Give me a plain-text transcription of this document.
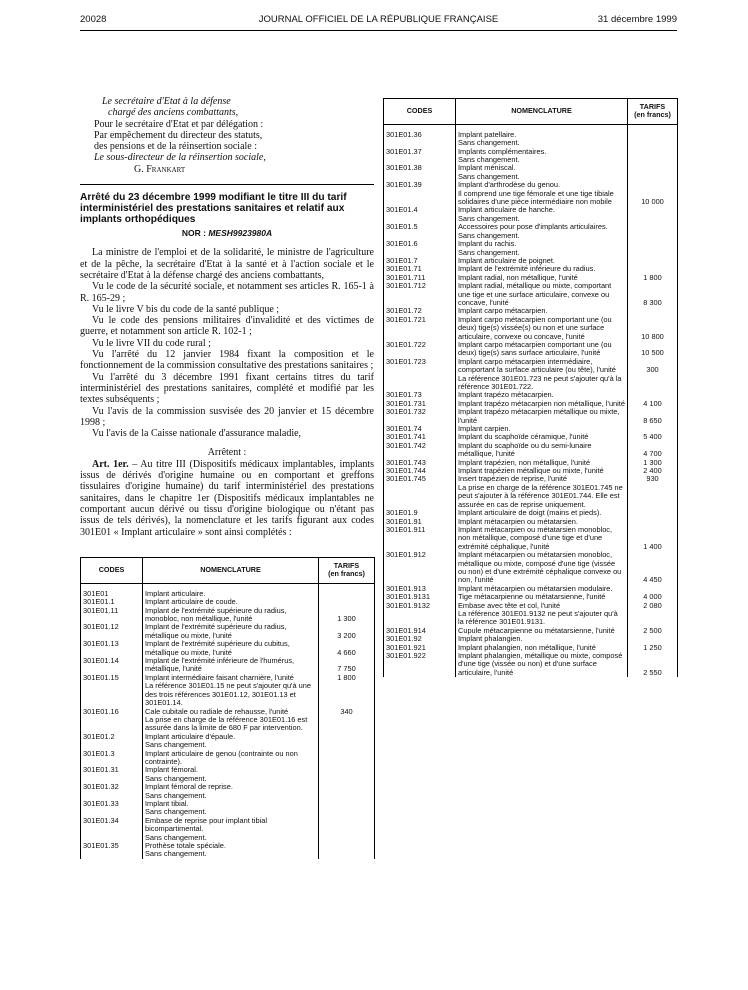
20028	JOURNAL OFFICIEL DE LA RÉPUBLIQUE FRANÇAISE	31 décembre 1999
Le secrétaire d'Etat à la défense
chargé des anciens combattants,
Pour le secrétaire d'Etat et par délégation :
Par empêchement du directeur des statuts,
des pensions et de la réinsertion sociale :
Le sous-directeur de la réinsertion sociale,
G. Frankart
Arrêté du 23 décembre 1999 modifiant le titre III du tarif interministériel des prestations sanitaires et relatif aux implants orthopédiques
NOR : MESH9923980A

La ministre de l'emploi et de la solidarité, le ministre de l'agriculture et de la pêche, la secrétaire d'Etat à la santé et à l'action sociale et le secrétaire d'Etat à la défense chargé des anciens combattants,

Vu le code de la sécurité sociale, et notamment ses articles R. 165-1 à R. 165-29 ;

Vu le livre V bis du code de la santé publique ;

Vu le code des pensions militaires d'invalidité et des victimes de guerre, et notamment son article R. 102-1 ;

Vu le livre VII du code rural ;

Vu l'arrêté du 12 janvier 1984 fixant la composition et le fonctionnement de la commission consultative des prestations sanitaires ;

Vu l'arrêté du 3 décembre 1991 fixant certains titres du tarif interministériel des prestations sanitaires, complété et modifié par les textes subséquents ;

Vu l'avis de la commission susvisée des 20 janvier et 15 décembre 1998 ;

Vu l'avis de la Caisse nationale d'assurance maladie,

Arrêtent :

Art. 1er. – Au titre III (Dispositifs médicaux implantables, implants issus de dérivés d'origine humaine ou en comportant et greffons tissulaires d'origine humaine) du tarif interministériel des prestations sanitaires, dans le chapitre 1er (Dispositifs médicaux implantables ne comportant aucun dérivé ou tissu d'origine biologique ou n'étant pas issus de tels dérivés), la nomenclature et les tarifs figurant aux codes 301E01 « Implant articulaire » sont ainsi complétés :

CODES	NOMENCLATURE	TARIFS
(en francs)

301E01	Implant articulaire.	
301E01.1	Implant articulaire de coude.	
301E01.11	Implant de l'extrémité supérieure du radius, monobloc, non métallique, l'unité	1 300
301E01.12	Implant de l'extrémité supérieure du radius, métallique ou mixte, l'unité	3 200
301E01.13	Implant de l'extrémité supérieure du cubitus, métallique ou mixte, l'unité	4 660
301E01.14	Implant de l'extrémité inférieure de l'humérus, métallique, l'unité	7 750
301E01.15	Implant intermédiaire faisant charnière, l'unité	1 800
	La référence 301E01.15 ne peut s'ajouter qu'à une des trois références 301E01.12, 301E01.13 et 301E01.14.	
301E01.16	Cale cubitale ou radiale de rehausse, l'unité	340
	La prise en charge de la référence 301E01.16 est assurée dans la limite de 680 F par intervention.	
301E01.2	Implant articulaire d'épaule.	
	Sans changement.	
301E01.3	Implant articulaire de genou (contrainte ou non contrainte).	
301E01.31	Implant fémoral.	
	Sans changement.	
301E01.32	Implant fémoral de reprise.	
	Sans changement.	
301E01.33	Implant tibial.	
	Sans changement.	
301E01.34	Embase de reprise pour implant tibial bicompartimental.	
	Sans changement.	
301E01.35	Prothèse totale spéciale.	
	Sans changement.	
CODES	NOMENCLATURE	TARIFS
(en francs)

301E01.36	Implant patellaire.	
	Sans changement.	
301E01.37	Implants complémentaires.	
	Sans changement.	
301E01.38	Implant méniscal.	
	Sans changement.	
301E01.39	Implant d'arthrodèse du genou.	
	Il comprend une tige fémorale et une tige tibiale solidaires d'une pièce intermédiaire non mobile	10 000
301E01.4	Implant articulaire de hanche.	
	Sans changement.	
301E01.5	Accessoires pour pose d'implants articulaires.	
	Sans changement.	
301E01.6	Implant du rachis.	
	Sans changement.	
301E01.7	Implant articulaire de poignet.	
301E01.71	Implant de l'extrémité inférieure du radius.	
301E01.711	Implant radial, non métallique, l'unité	1 800
301E01.712	Implant radial, métallique ou mixte, comportant une tige et une surface articulaire, convexe ou concave, l'unité	8 300
301E01.72	Implant carpo métacarpien.	
301E01.721	Implant carpo métacarpien comportant une (ou deux) tige(s) vissée(s) ou non et une surface articulaire, convexe ou concave, l'unité	10 800
301E01.722	Implant carpo métacarpien comportant une (ou deux) tige(s) sans surface articulaire, l'unité	10 500
301E01.723	Implant carpo métacarpien intermédiaire, comportant la surface articulaire (ou tête), l'unité	300
	La référence 301E01.723 ne peut s'ajouter qu'à la référence 301E01.722.	
301E01.73	Implant trapézo métacarpien.	
301E01.731	Implant trapézo métacarpien non métallique, l'unité	4 100
301E01.732	Implant trapézo métacarpien métallique ou mixte, l'unité	8 650
301E01.74	Implant carpien.	
301E01.741	Implant du scaphoïde céramique, l'unité	5 400
301E01.742	Implant du scaphoïde ou du semi-lunaire métallique, l'unité	4 700
301E01.743	Implant trapézien, non métallique, l'unité	1 300
301E01.744	Implant trapézien métallique ou mixte, l'unité	2 400
301E01.745	Insert trapézien de reprise, l'unité	930
	La prise en charge de la référence 301E01.745 ne peut s'ajouter à la référence 301E01.744. Elle est assurée en cas de reprise uniquement.	
301E01.9	Implant articulaire de doigt (mains et pieds).	
301E01.91	Implant métacarpien ou métatarsien.	
301E01.911	Implant métacarpien ou métatarsien monobloc, non métallique, composé d'une tige et d'une extrémité céphalique, l'unité	1 400
301E01.912	Implant métacarpien ou métatarsien monobloc, métallique ou mixte, composé d'une tige (vissée ou non) et d'une extrémité céphalique convexe ou non, l'unité	4 450
301E01.913	Implant métacarpien ou métatarsien modulaire.	
301E01.9131	Tige métacarpienne ou métatarsienne, l'unité	4 000
301E01.9132	Embase avec tête et col, l'unité	2 080
	La référence 301E01.9132 ne peut s'ajouter qu'à la référence 301E01.9131.	
301E01.914	Cupule métacarpienne ou métatarsienne, l'unité	2 500
301E01.92	Implant phalangien.	
301E01.921	Implant phalangien, non métallique, l'unité	1 250
301E01.922	Implant phalangien, métallique ou mixte, composé d'une tige (vissée ou non) et d'une surface articulaire, l'unité	2 550
